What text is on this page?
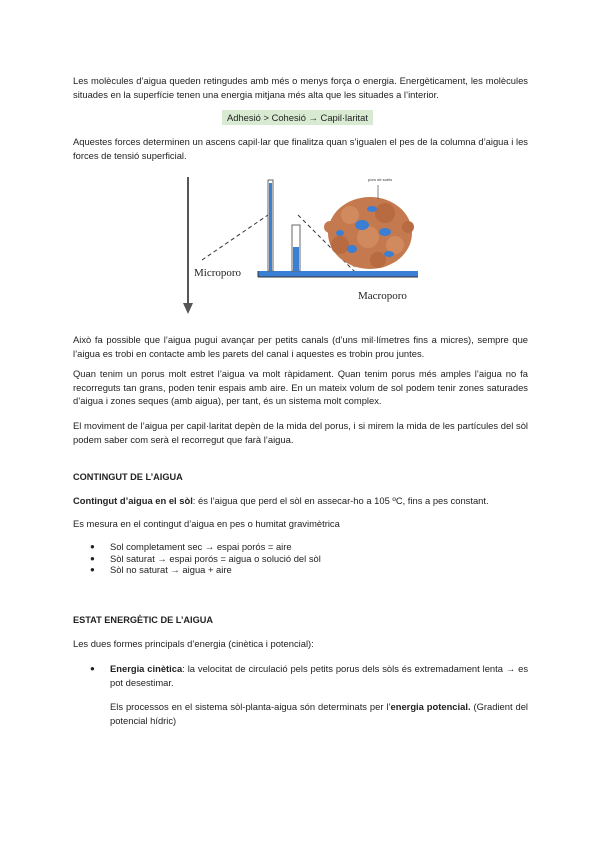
Les molècules d’aigua queden retingudes amb més o menys força o energia. Energèticament, les molècules situades en la superfície tenen una energia mitjana més alta que les situades a l’interior.

Adhesió > Cohesió → Capil·laritat

Aquestes forces determinen un ascens capil·lar que finalitza quan s’igualen el pes de la columna d’aigua i les forces de tensió superficial.

Microporo
Macroporo
poro de suelo

Això fa possible que l’aigua pugui avançar per petits canals (d’uns mil·límetres fins a micres), sempre que l’aigua es trobi en contacte amb les parets del canal i aquestes es trobin prou juntes.

Quan tenim un porus molt estret l’aigua va molt ràpidament. Quan tenim porus més amples l’aigua no fa recorreguts tan grans, poden tenir espais amb aire. En un mateix volum de sol podem tenir zones saturades d’aigua i zones seques (amb aigua), per tant, és un sistema molt complex.

El moviment de l’aigua per capil·laritat depèn de la mida del porus, i si mirem la mida de les partícules del sòl podem saber com serà el recorregut que farà l’aigua.

CONTINGUT DE L’AIGUA

Contingut d’aigua en el sòl: és l’aigua que perd el sòl en assecar-ho a 105 ºC, fins a pes constant.

Es mesura en el contingut d’aigua en pes o humitat gravimètrica

● Sol completament sec → espai porós = aire
● Sòl saturat → espai porós = aigua o solució del sòl
● Sòl no saturat → aigua + aire
ESTAT ENERGÈTIC DE L’AIGUA

Les dues formes principals d’energia (cinètica i potencial):

● Energia cinètica: la velocitat de circulació pels petits porus dels sòls és extremadament lenta → es pot desestimar.

Els processos en el sistema sòl-planta-aigua són determinats per l’energia potencial. (Gradient del potencial hídric)
